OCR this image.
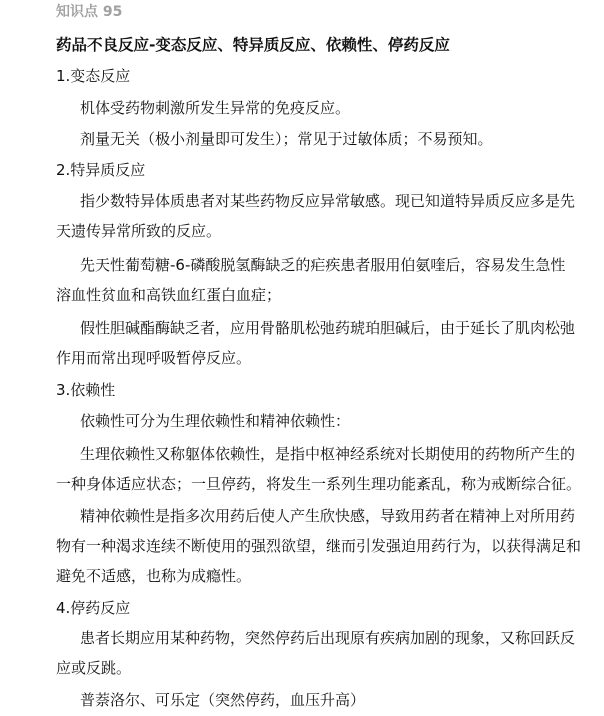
知识点 95

药品不良反应-变态反应、特异质反应、依赖性、停药反应

1.变态反应

机体受药物刺激所发生异常的免疫反应。

剂量无关（极小剂量即可发生）；常见于过敏体质；不易预知。

2.特异质反应

指少数特异体质患者对某些药物反应异常敏感。现已知道特异质反应多是先

天遗传异常所致的反应。

先天性葡萄糖-6-磷酸脱氢酶缺乏的疟疾患者服用伯氨喹后，容易发生急性

溶血性贫血和高铁血红蛋白血症；

假性胆碱酯酶缺乏者，应用骨骼肌松弛药琥珀胆碱后，由于延长了肌肉松弛

作用而常出现呼吸暂停反应。

3.依赖性

依赖性可分为生理依赖性和精神依赖性：

生理依赖性又称躯体依赖性，是指中枢神经系统对长期使用的药物所产生的

一种身体适应状态；一旦停药，将发生一系列生理功能紊乱，称为戒断综合征。

精神依赖性是指多次用药后使人产生欣快感，导致用药者在精神上对所用药

物有一种渴求连续不断使用的强烈欲望，继而引发强迫用药行为，以获得满足和

避免不适感，也称为成瘾性。

4.停药反应

患者长期应用某种药物，突然停药后出现原有疾病加剧的现象，又称回跃反

应或反跳。

普萘洛尔、可乐定（突然停药，血压升高）
